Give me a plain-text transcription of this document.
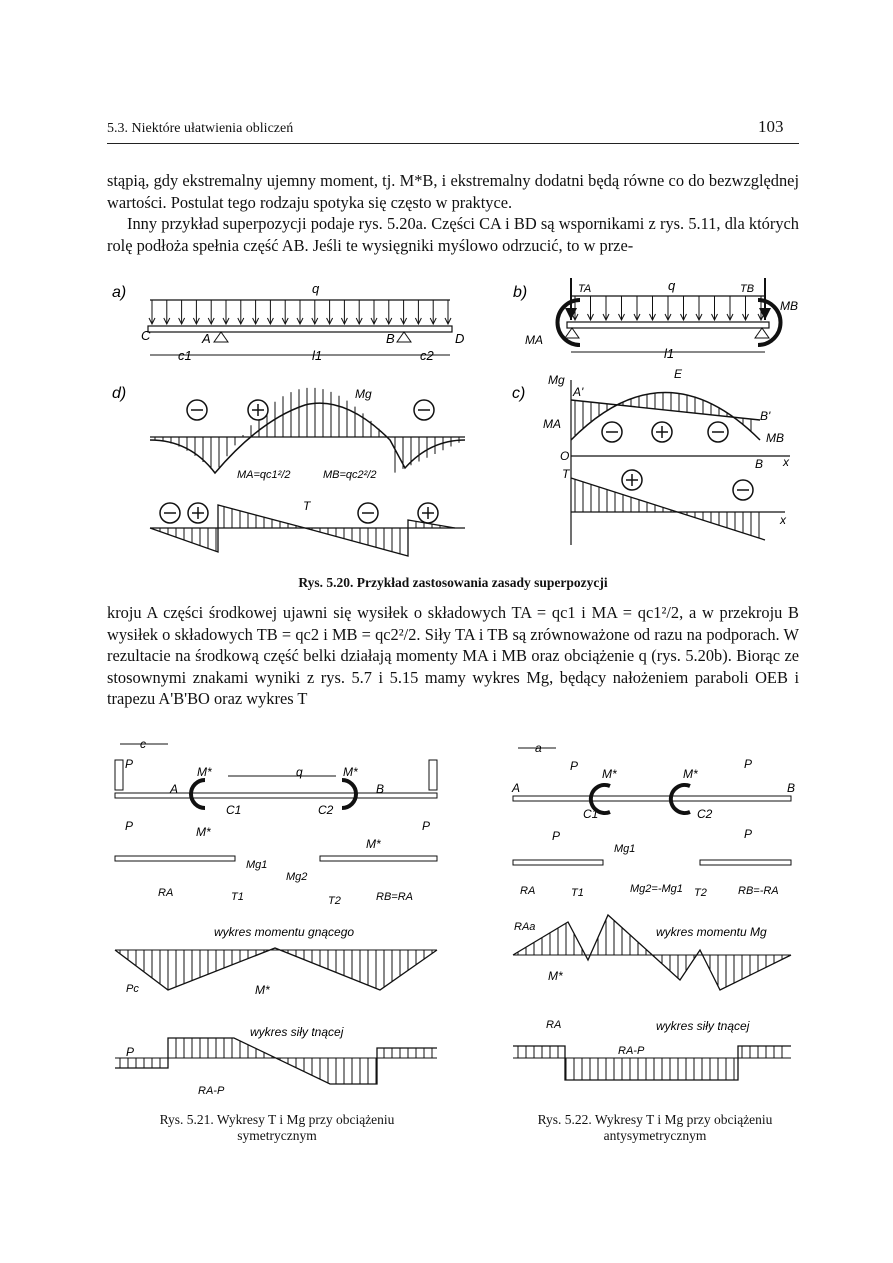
5.3. Niektóre ułatwienia obliczeń	103

stąpią, gdy ekstremalny ujemny moment, tj. M*B, i ekstremalny dodatni będą równe co do bezwzględnej wartości. Postulat tego rodzaju spotyka się często w praktyce.

Inny przykład superpozycji podaje rys. 5.20a. Części CA i BD są wspornikami z rys. 5.11, dla których rolę podłoża spełnia część AB. Jeśli te wysięgniki myślowo odrzucić, to w prze-

a)	q
C	A	B	D
c1	l1	c2
b)	TA	q	TB
MA
MB
l1
d)	Mg
MA=qc1²/2	MB=qc2²/2
T
c)
Mg	E
A'
B'
MA
MB
O
B x
T
x
Rys. 5.20. Przykład zastosowania zasady superpozycji

kroju A części środkowej ujawni się wysiłek o składowych TA = qc1 i MA = qc1²/2, a w przekroju B wysiłek o składowych TB = qc2 i MB = qc2²/2. Siły TA i TB są zrównoważone od razu na podporach. W rezultacie na środkową część belki działają momenty MA i MB oraz obciążenie q (rys. 5.20b). Biorąc ze stosownymi znakami wyniki z rys. 5.7 i 5.15 mamy wykres Mg, będący nałożeniem paraboli OEB i trapezu A'B'BO oraz wykres T

c
P
M*	q	M*
A	B
C1	C2
P	M*
Mg1
Mg2
M*
P
RA	T1	T2	RB=RA
wykres momentu gnącego
Pc	M*
wykres siły tnącej
P
RA-P
a
P
M*	M*
P
A	B
C1	C2
P
Mg1
P
RA	T1	Mg2=-Mg1 T2	RB=-RA
RAa	wykres momentu Mg
M*
RA	wykres siły tnącej
RA-P
Rys. 5.21. Wykresy T i Mg przy obciążeniu
symetrycznym
Rys. 5.22. Wykresy T i Mg przy obciążeniu
antysymetrycznym
